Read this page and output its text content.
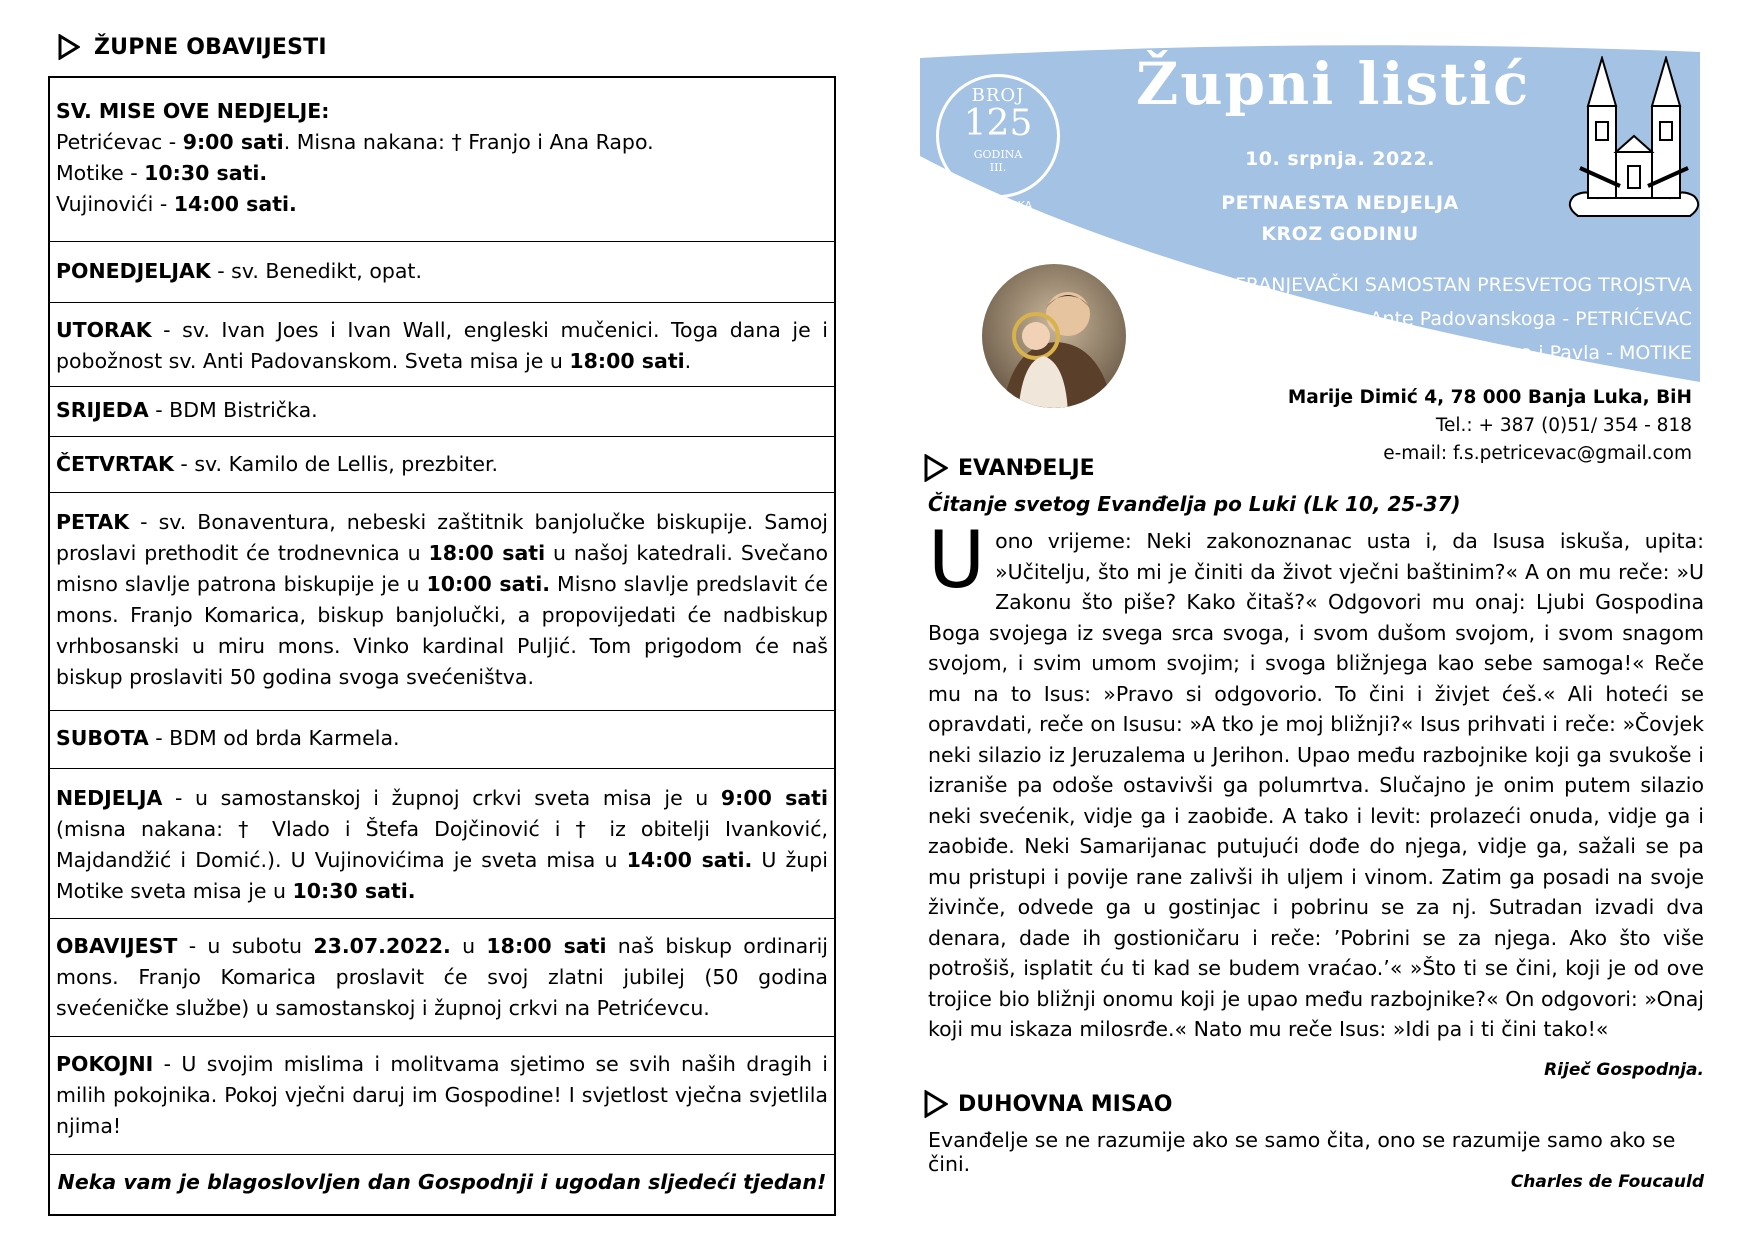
ŽUPNE OBAVIJESTI
SV. MISE OVE NEDJELJE:
Petrićevac - 9:00 sati. Misna nakana: † Franjo i Ana Rapo.
Motike - 10:30 sati.
Vujinovići - 14:00 sati.
PONEDJELJAK - sv. Benedikt, opat.
UTORAK - sv. Ivan Joes i Ivan Wall, engleski mučenici. Toga dana je i pobožnost sv. Anti Padovanskom. Sveta misa je u 18:00 sati.
SRIJEDA - BDM Bistrička.
ČETVRTAK - sv. Kamilo de Lellis, prezbiter.
PETAK - sv. Bonaventura, nebeski zaštitnik banjolučke biskupije. Samoj proslavi prethodit će trodnevnica u 18:00 sati u našoj katedrali. Svečano misno slavlje patrona biskupije je u 10:00 sati. Misno slavlje predslavit će mons. Franjo Komarica, biskup banjolučki, a propovijedati će nadbiskup vrhbosanski u miru mons. Vinko kardinal Puljić. Tom prigodom će naš biskup proslaviti 50 godina svoga svećeništva.
SUBOTA - BDM od brda Karmela.
NEDJELJA - u samostanskoj i župnoj crkvi sveta misa je u 9:00 sati (misna nakana: † Vlado i Štefa Dojčinović i † iz obitelji Ivanković, Majdandžić i Domić.). U Vujinovićima je sveta misa u 14:00 sati. U župi Motike sveta misa je u 10:30 sati.
OBAVIJEST - u subotu 23.07.2022. u 18:00 sati naš biskup ordinarij mons. Franjo Komarica proslavit će svoj zlatni jubilej (50 godina svećeničke službe) u samostanskoj i župnoj crkvi na Petrićevcu.
POKOJNI - U svojim mislima i molitvama sjetimo se svih naših dragih i milih pokojnika. Pokoj vječni daruj im Gospodine! I svjetlost vječna svjetlila njima!
Neka vam je blagoslovljen dan Gospodnji i ugodan sljedeći tjedan!
BROJ
125
GODINA
III.
LITURGIJSKA
GODINA C
Župni listić
10. srpnja. 2022.
PETNAESTA NEDJELJA
KROZ GODINU
FRANJEVAČKI SAMOSTAN PRESVETOG TROJSTVA
Župa sv. Ante Padovanskoga - PETRIĆEVAC
Župa sv. Petra i Pavla - MOTIKE
Marije Dimić 4, 78 000 Banja Luka, BiH
Tel.: + 387 (0)51/ 354 - 818
e-mail: f.s.petricevac@gmail.com
EVANĐELJE
Čitanje svetog Evanđelja po Luki (Lk 10, 25-37)
Uono vrijeme: Neki zakonoznanac usta i, da Isusa iskuša, upita: »Učitelju, što mi je činiti da život vječni baštinim?« A on mu reče: »U Zakonu što piše? Kako čitaš?« Odgovori mu onaj: Ljubi Gospodina Boga svojega iz svega srca svoga, i svom dušom svojom, i svom snagom svojom, i svim umom svojim; i svoga bližnjega kao sebe samoga!« Reče mu na to Isus: »Pravo si odgovorio. To čini i živjet ćeš.« Ali hoteći se opravdati, reče on Isusu: »A tko je moj bližnji?« Isus prihvati i reče: »Čovjek neki silazio iz Jeruzalema u Jerihon. Upao među razbojnike koji ga svukoše i izraniše pa odoše ostavivši ga polumrtva. Slučajno je onim putem silazio neki svećenik, vidje ga i zaobiđe. A tako i levit: prolazeći onuda, vidje ga i zaobiđe. Neki Samarijanac putujući dođe do njega, vidje ga, sažali se pa mu pristupi i povije rane zalivši ih uljem i vinom. Zatim ga posadi na svoje živinče, odvede ga u gostinjac i pobrinu se za nj. Sutradan izvadi dva denara, dade ih gostioničaru i reče: ’Pobrini se za njega. Ako što više potrošiš, isplatit ću ti kad se budem vraćao.’« »Što ti se čini, koji je od ove trojice bio bližnji onomu koji je upao među razbojnike?« On odgovori: »Onaj koji mu iskaza milosrđe.« Nato mu reče Isus: »Idi pa i ti čini tako!«
Riječ Gospodnja.
DUHOVNA MISAO
Evanđelje se ne razumije ako se samo čita, ono se razumije samo ako se čini.
Charles de Foucauld
